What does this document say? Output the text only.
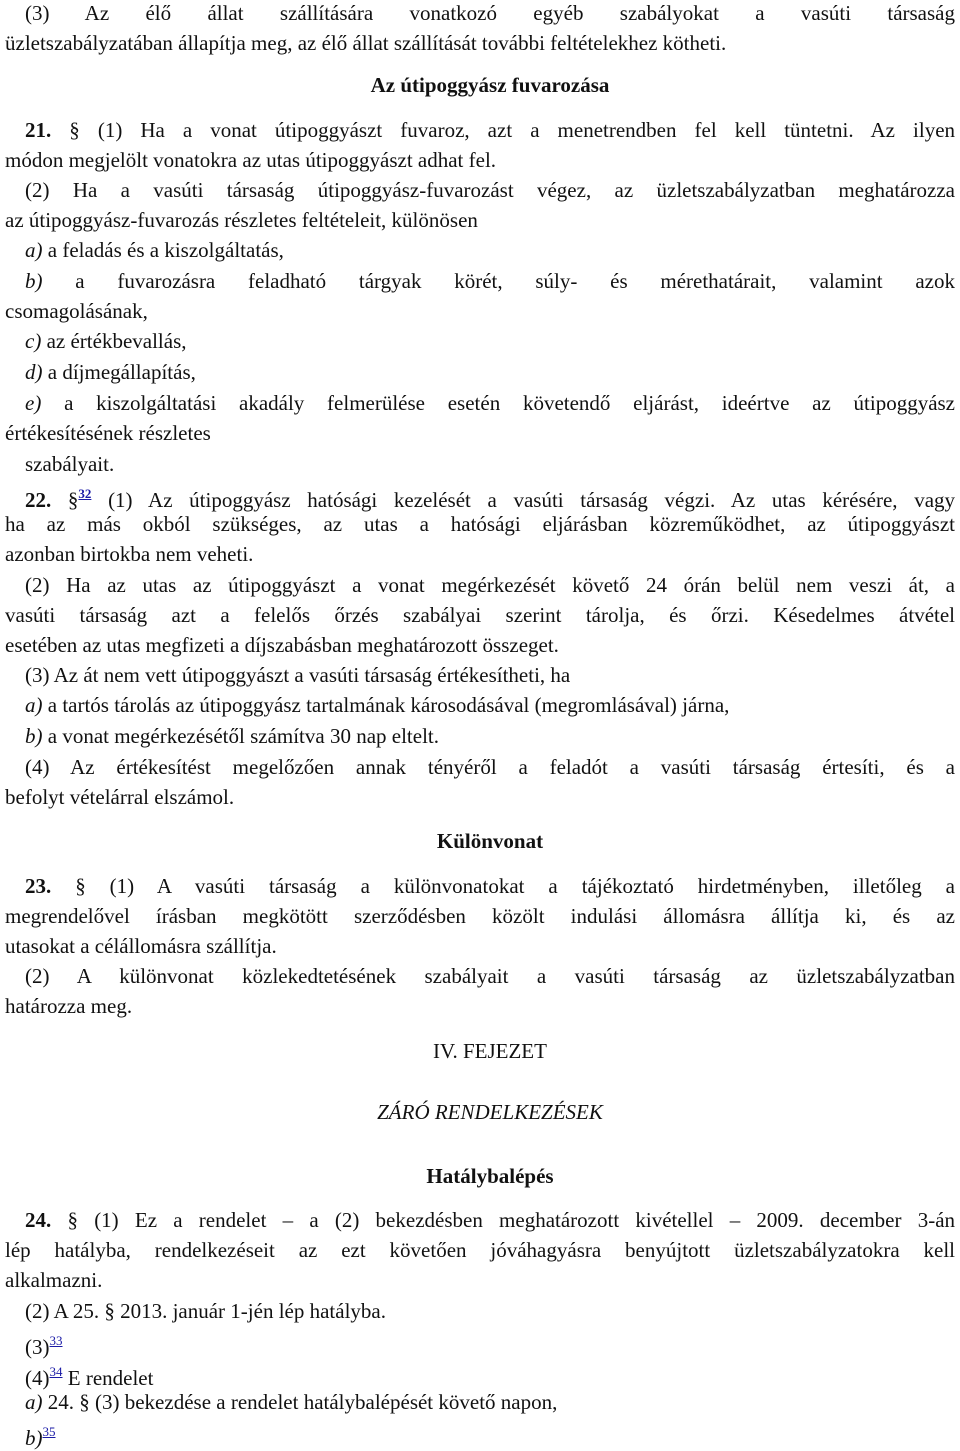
(3) Az élő állat szállítására vonatkozó egyéb szabályokat a vasúti társaság
üzletszabályzatában állapítja meg, az élő állat szállítását további feltételekhez kötheti.
Az útipoggyász fuvarozása
21. § (1) Ha a vonat útipoggyászt fuvaroz, azt a menetrendben fel kell tüntetni. Az ilyen
módon megjelölt vonatokra az utas útipoggyászt adhat fel.
(2) Ha a vasúti társaság útipoggyász-fuvarozást végez, az üzletszabályzatban meghatározza
az útipoggyász-fuvarozás részletes feltételeit, különösen
a) a feladás és a kiszolgáltatás,
b) a fuvarozásra feladható tárgyak körét, súly- és mérethatárait, valamint azok
csomagolásának,
c) az értékbevallás,
d) a díjmegállapítás,
e) a kiszolgáltatási akadály felmerülése esetén követendő eljárást, ideértve az útipoggyász
értékesítésének részletes
szabályait.
22. §$^{32}$ (1) Az útipoggyász hatósági kezelését a vasúti társaság végzi. Az utas kérésére, vagy
ha az más okból szükséges, az utas a hatósági eljárásban közreműködhet, az útipoggyászt
azonban birtokba nem veheti.
(2) Ha az utas az útipoggyászt a vonat megérkezését követő 24 órán belül nem veszi át, a
vasúti társaság azt a felelős őrzés szabályai szerint tárolja, és őrzi. Késedelmes átvétel
esetében az utas megfizeti a díjszabásban meghatározott összeget.
(3) Az át nem vett útipoggyászt a vasúti társaság értékesítheti, ha
a) a tartós tárolás az útipoggyász tartalmának károsodásával (megromlásával) járna,
b) a vonat megérkezésétől számítva 30 nap eltelt.
(4) Az értékesítést megelőzően annak tényéről a feladót a vasúti társaság értesíti, és a
befolyt vételárral elszámol.
Különvonat
23. § (1) A vasúti társaság a különvonatokat a tájékoztató hirdetményben, illetőleg a
megrendelővel írásban megkötött szerződésben közölt indulási állomásra állítja ki, és az
utasokat a célállomásra szállítja.
(2) A különvonat közlekedtetésének szabályait a vasúti társaság az üzletszabályzatban
határozza meg.
IV. FEJEZET
ZÁRÓ RENDELKEZÉSEK
Hatálybalépés
24. § (1) Ez a rendelet – a (2) bekezdésben meghatározott kivétellel – 2009. december 3-án
lép hatályba, rendelkezéseit az ezt követően jóváhagyásra benyújtott üzletszabályzatokra kell
alkalmazni.
(2) A 25. § 2013. január 1-jén lép hatályba.
(3)$^{33}$
(4)$^{34}$ E rendelet
a) 24. § (3) bekezdése a rendelet hatálybalépését követő napon,
b)$^{35}$
